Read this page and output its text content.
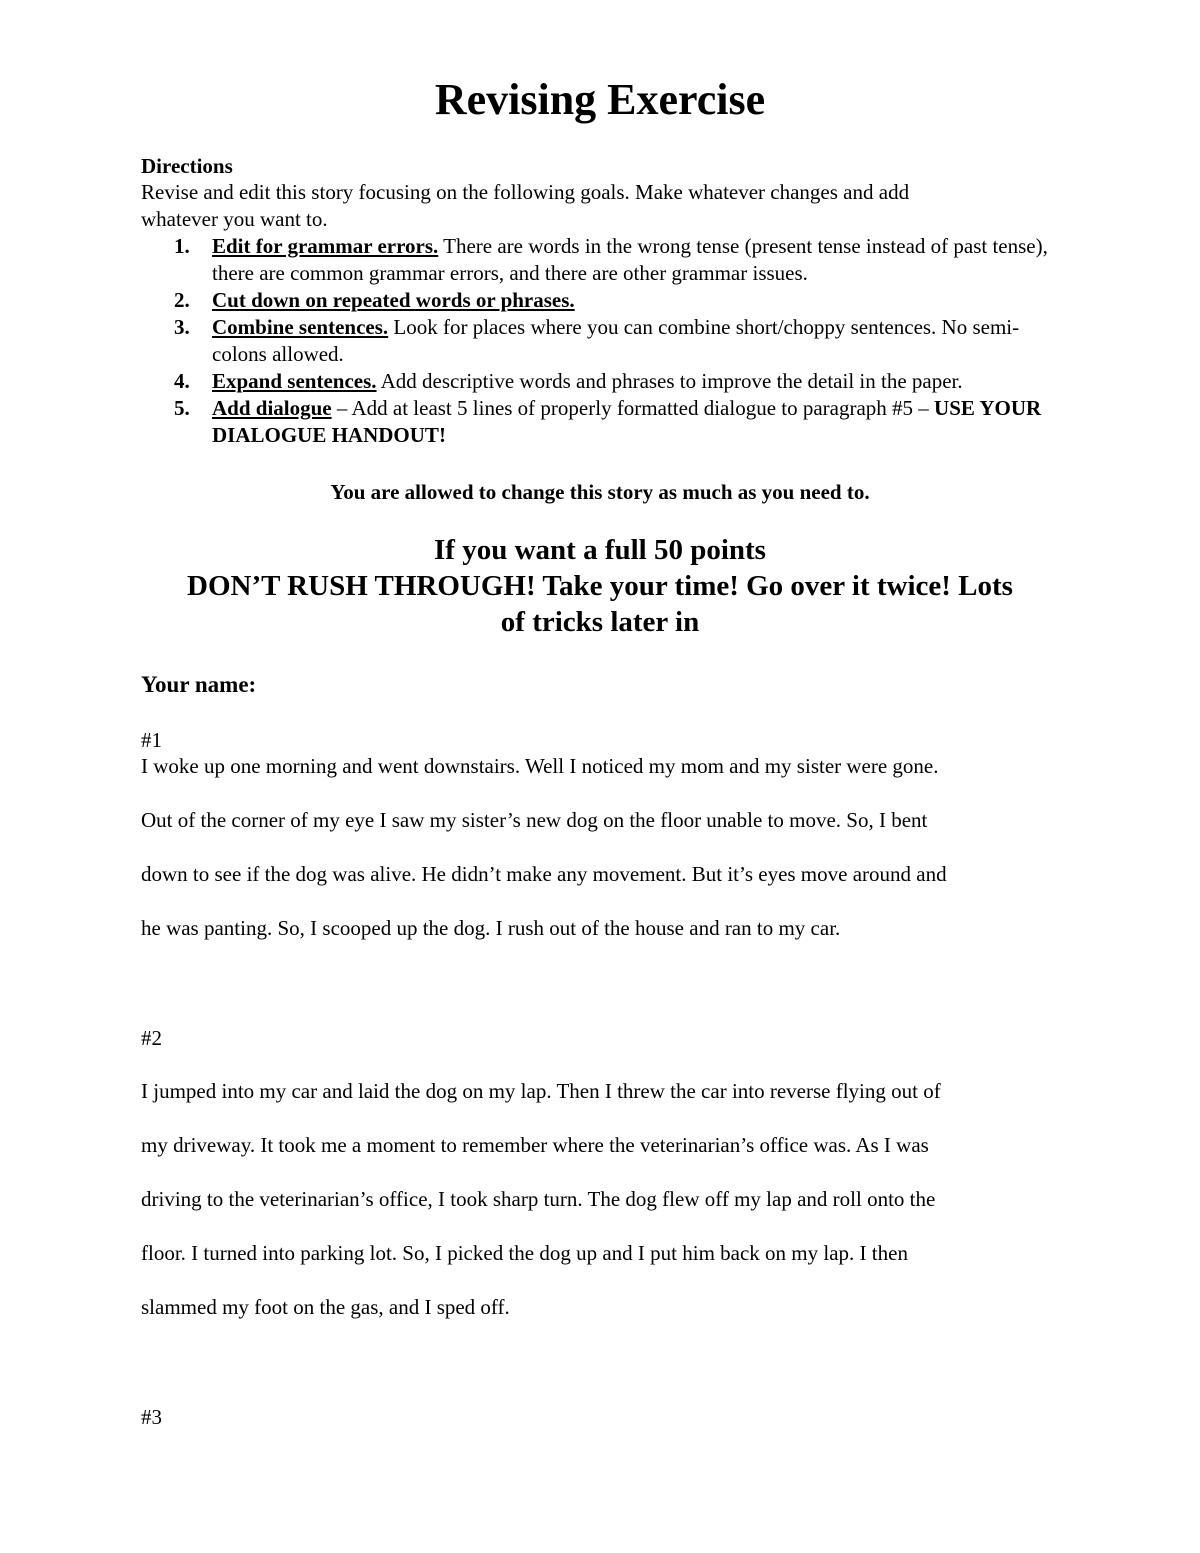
Revising Exercise
Directions
Revise and edit this story focusing on the following goals. Make whatever changes and add
whatever you want to.
1. Edit for grammar errors. There are words in the wrong tense (present tense instead of past tense), there are common grammar errors, and there are other grammar issues.
2. Cut down on repeated words or phrases.
3. Combine sentences. Look for places where you can combine short/choppy sentences. No semi-colons allowed.
4. Expand sentences. Add descriptive words and phrases to improve the detail in the paper.
5. Add dialogue – Add at least 5 lines of properly formatted dialogue to paragraph #5 – USE YOUR DIALOGUE HANDOUT!
You are allowed to change this story as much as you need to.
If you want a full 50 points
DON’T RUSH THROUGH! Take your time! Go over it twice! Lots
of tricks later in
Your name:
#1
I woke up one morning and went downstairs. Well I noticed my mom and my sister were gone.
Out of the corner of my eye I saw my sister’s new dog on the floor unable to move. So, I bent
down to see if the dog was alive. He didn’t make any movement. But it’s eyes move around and
he was panting. So, I scooped up the dog. I rush out of the house and ran to my car.
#2
I jumped into my car and laid the dog on my lap. Then I threw the car into reverse flying out of
my driveway. It took me a moment to remember where the veterinarian’s office was. As I was
driving to the veterinarian’s office, I took sharp turn. The dog flew off my lap and roll onto the
floor. I turned into parking lot. So, I picked the dog up and I put him back on my lap. I then
slammed my foot on the gas, and I sped off.
#3
